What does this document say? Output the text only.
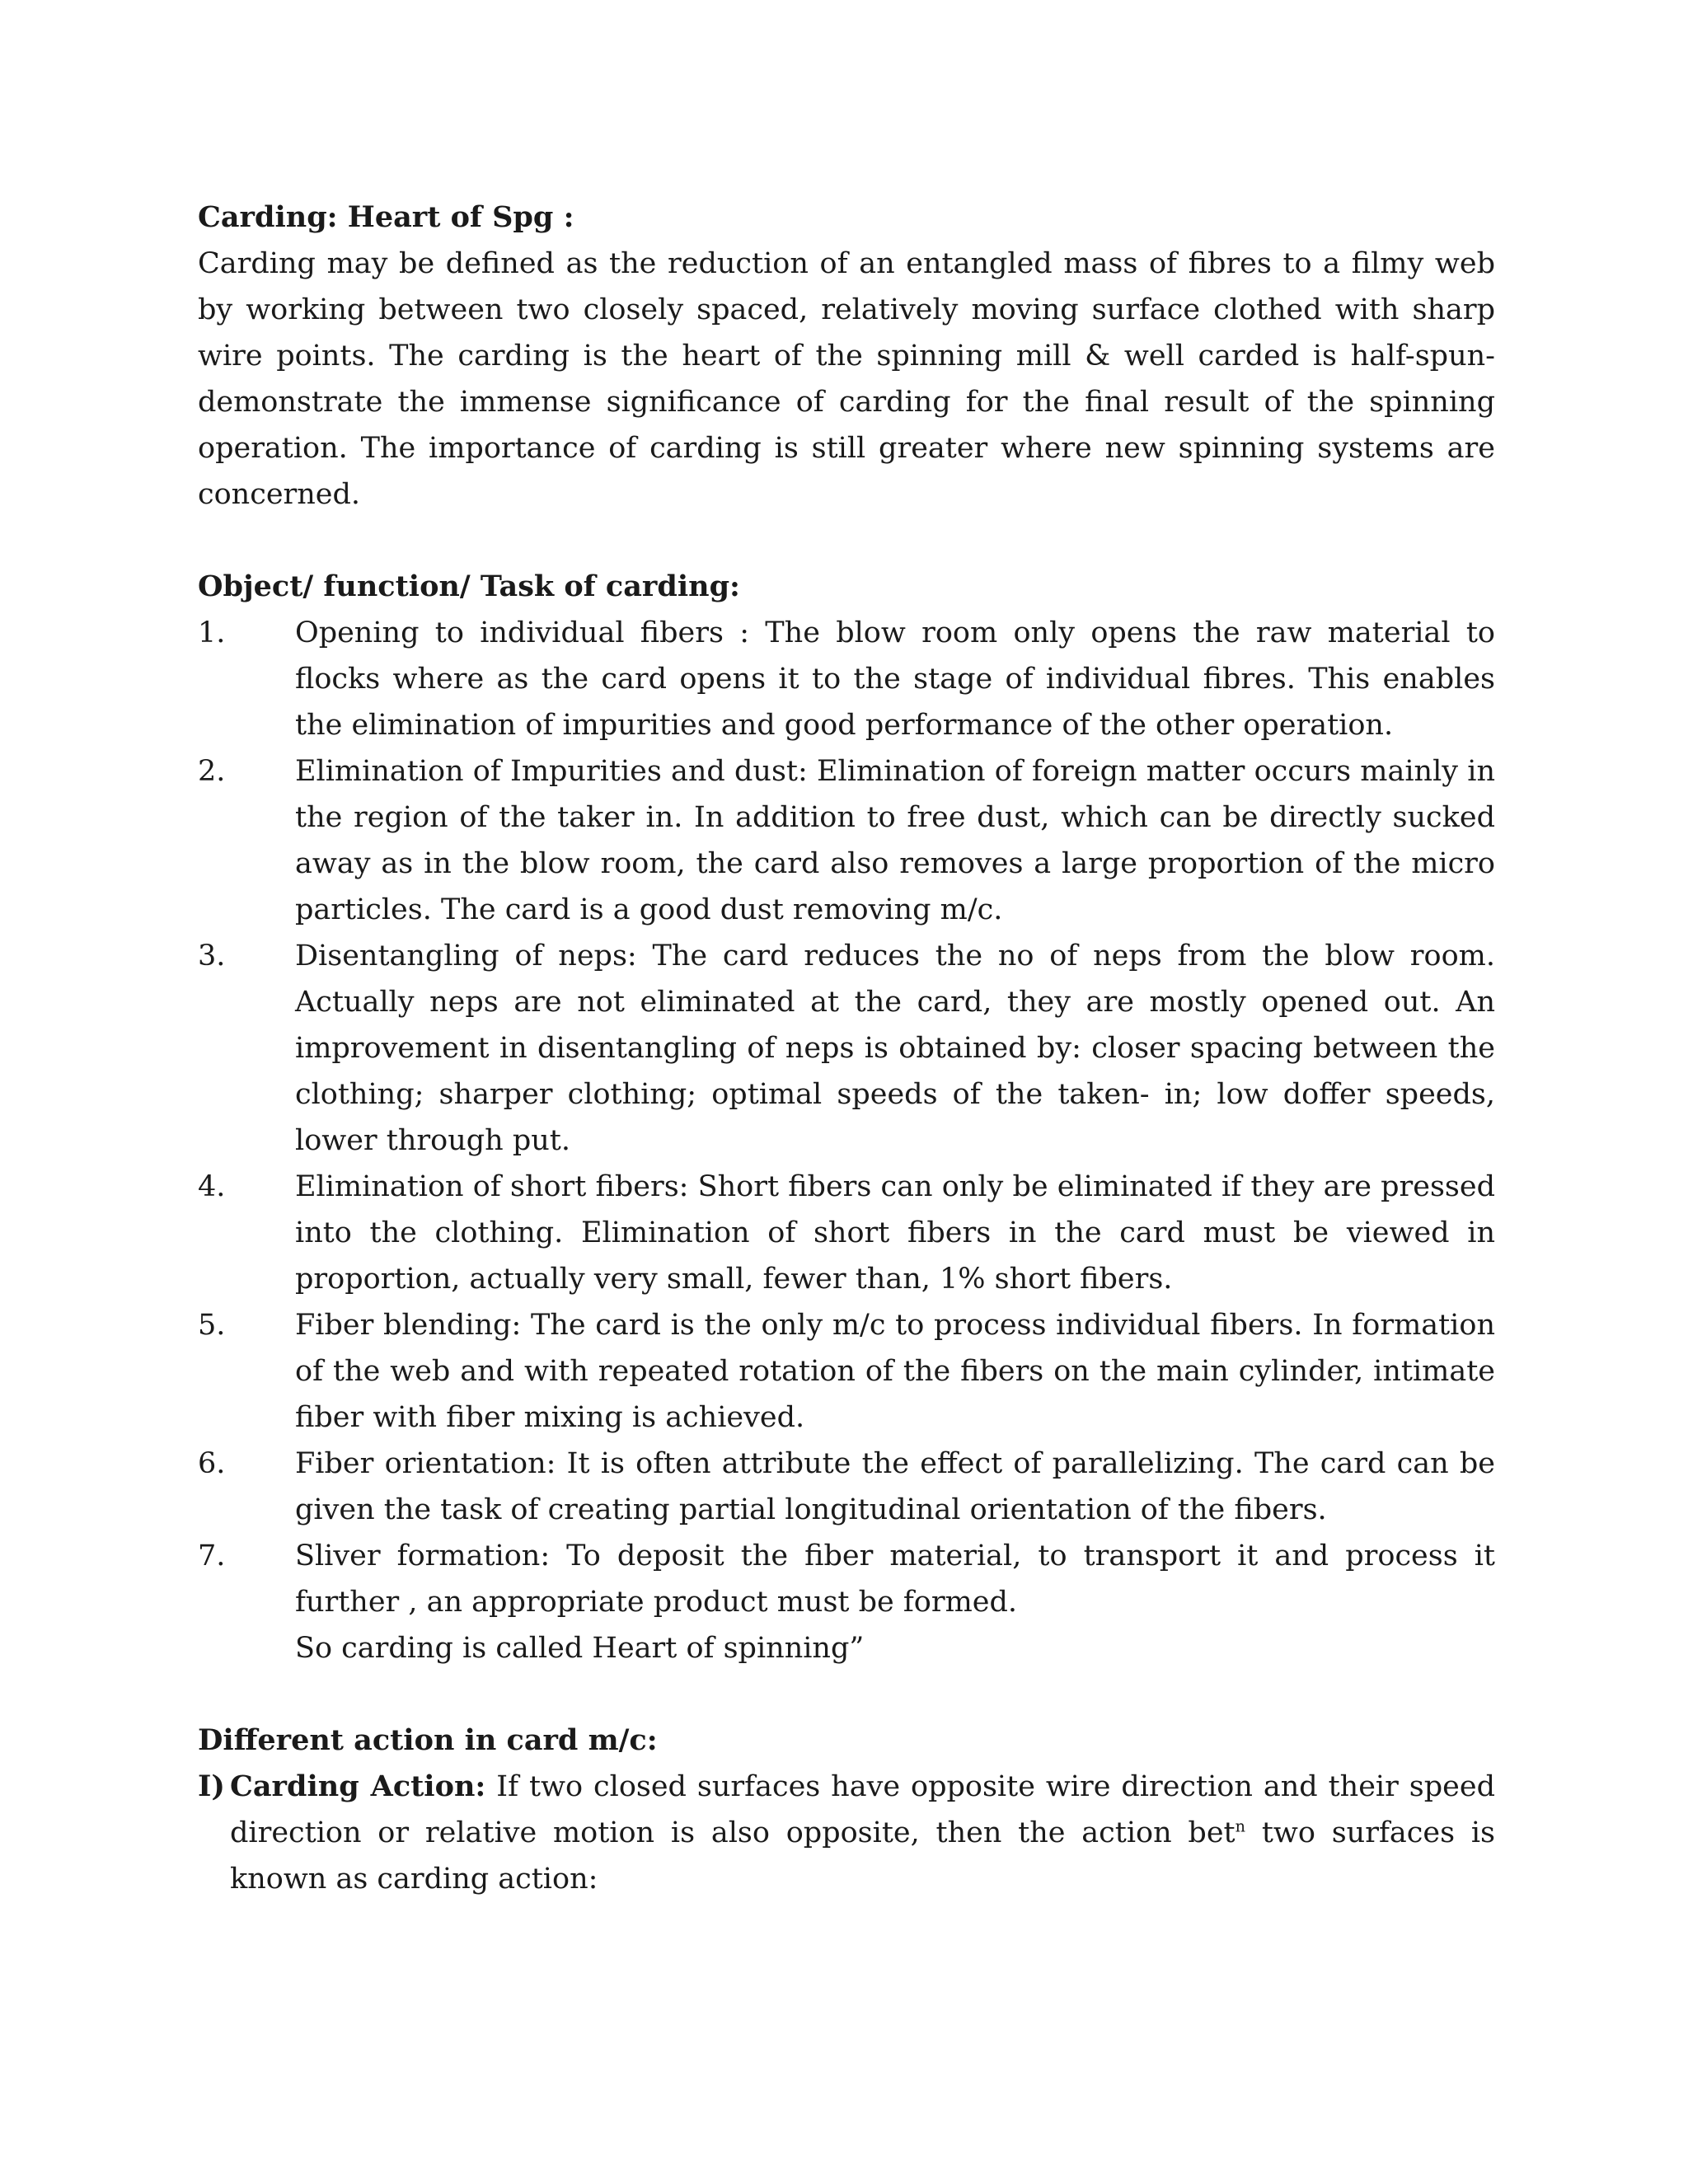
Carding: Heart of Spg :

Carding may be defined as the reduction of an entangled mass of fibres to a filmy web by working between two closely spaced, relatively moving surface clothed with sharp wire points. The carding is the heart of the spinning mill & well carded is half-spun-demonstrate the immense significance of carding for the final result of the spinning operation. The importance of carding is still greater where new spinning systems are concerned.

Object/ function/ Task of carding:

1. Opening to individual fibers : The blow room only opens the raw material to flocks where as the card opens it to the stage of individual fibres. This enables the elimination of impurities and good performance of the other operation.
2. Elimination of Impurities and dust: Elimination of foreign matter occurs mainly in the region of the taker in. In addition to free dust, which can be directly sucked away as in the blow room, the card also removes a large proportion of the micro particles. The card is a good dust removing m/c.
3. Disentangling of neps: The card reduces the no of neps from the blow room. Actually neps are not eliminated at the card, they are mostly opened out. An improvement in disentangling of neps is obtained by: closer spacing between the clothing; sharper clothing; optimal speeds of the taken- in; low doffer speeds, lower through put.
4. Elimination of short fibers: Short fibers can only be eliminated if they are pressed into the clothing. Elimination of short fibers in the card must be viewed in proportion, actually very small, fewer than, 1% short fibers.
5. Fiber blending: The card is the only m/c to process individual fibers. In formation of the web and with repeated rotation of the fibers on the main cylinder, intimate fiber with fiber mixing is achieved.
6. Fiber orientation: It is often attribute the effect of parallelizing. The card can be given the task of creating partial longitudinal orientation of the fibers.
7. Sliver formation: To deposit the fiber material, to transport it and process it further , an appropriate product must be formed.
So carding is called Heart of spinning”

Different action in card m/c:

I) Carding Action: If two closed surfaces have opposite wire direction and their speed direction or relative motion is also opposite, then the action bet$^n$ two surfaces is known as carding action:
